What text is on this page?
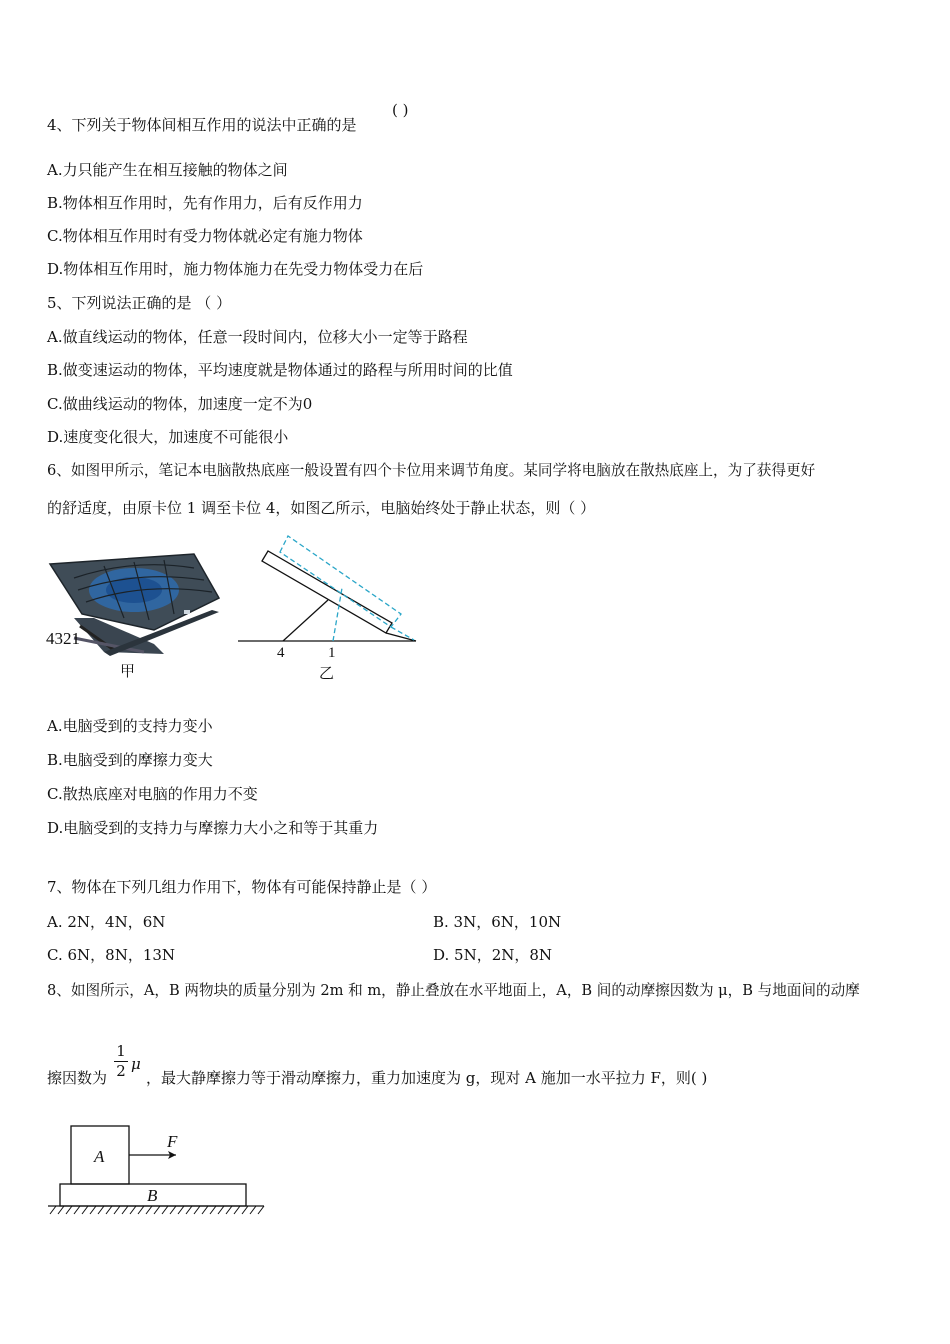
4、下列关于物体间相互作用的说法中正确的是
( )
A.力只能产生在相互接触的物体之间
B.物体相互作用时，先有作用力，后有反作用力
C.物体相互作用时有受力物体就必定有施力物体
D.物体相互作用时，施力物体施力在先受力物体受力在后
5、下列说法正确的是 （ ）
A.做直线运动的物体，任意一段时间内，位移大小一定等于路程
B.做变速运动的物体，平均速度就是物体通过的路程与所用时间的比值
C.做曲线运动的物体，加速度一定不为0
D.速度变化很大，加速度不可能很小
6、如图甲所示，笔记本电脑散热底座一般设置有四个卡位用来调节角度。某同学将电脑放在散热底座上，为了获得更好
的舒适度，由原卡位 1 调至卡位 4，如图乙所示，电脑始终处于静止状态，则（ ）
4321
甲
4	1
乙
A.电脑受到的支持力变小
B.电脑受到的摩擦力变大
C.散热底座对电脑的作用力不变
D.电脑受到的支持力与摩擦力大小之和等于其重力
7、物体在下列几组力作用下，物体有可能保持静止是（ ）
A. 2N，4N，6N	B. 3N，6N，10N
C. 6N，8N，13N	D. 5N，2N，8N
8、如图所示，A，B 两物块的质量分别为 2m 和 m，静止叠放在水平地面上，A，B 间的动摩擦因数为 μ，B 与地面间的动摩
擦因数为
1
2 μ
，最大静摩擦力等于滑动摩擦力，重力加速度为 g，现对 A 施加一水平拉力 F，则( )
A
B
F
